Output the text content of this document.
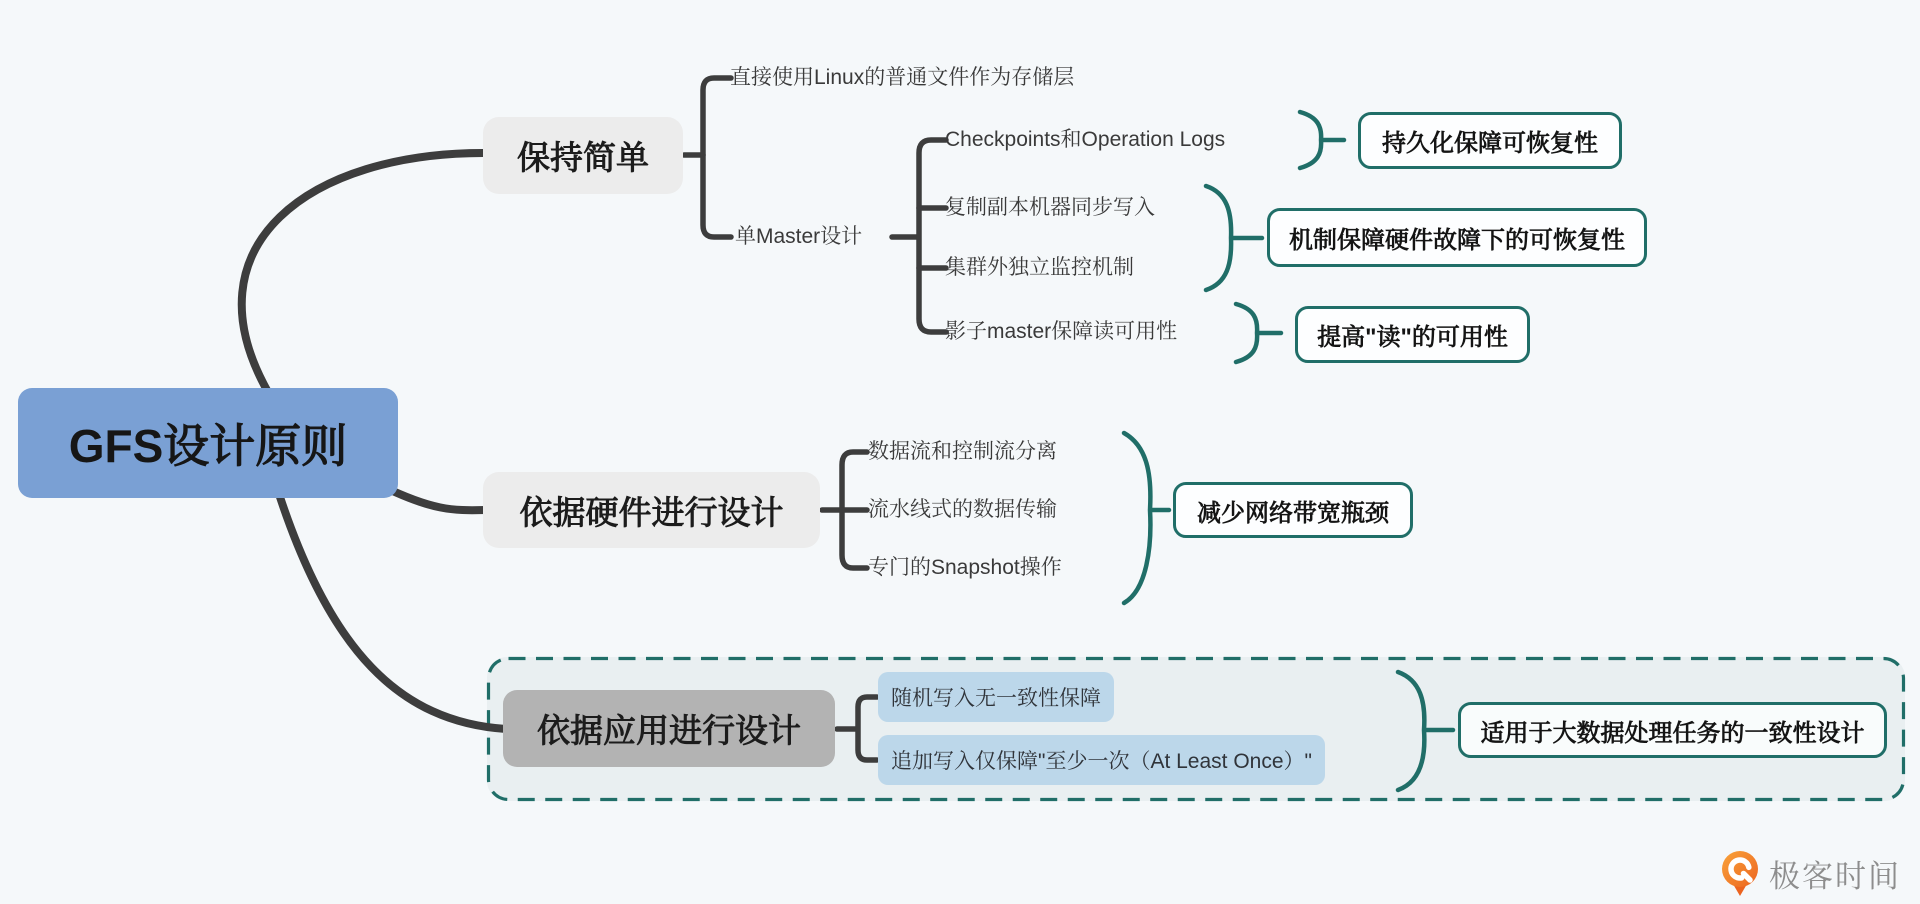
GFS设计原则
保持简单
依据硬件进行设计
依据应用进行设计
直接使用Linux的普通文件作为存储层
单Master设计
Checkpoints和Operation Logs
复制副本机器同步写入
集群外独立监控机制
影子master保障读可用性
数据流和控制流分离
流水线式的数据传输
专门的Snapshot操作
随机写入无一致性保障
追加写入仅保障"至少一次（At Least Once）"
持久化保障可恢复性
机制保障硬件故障下的可恢复性
提高"读"的可用性
减少网络带宽瓶颈
适用于大数据处理任务的一致性设计
极客时间
